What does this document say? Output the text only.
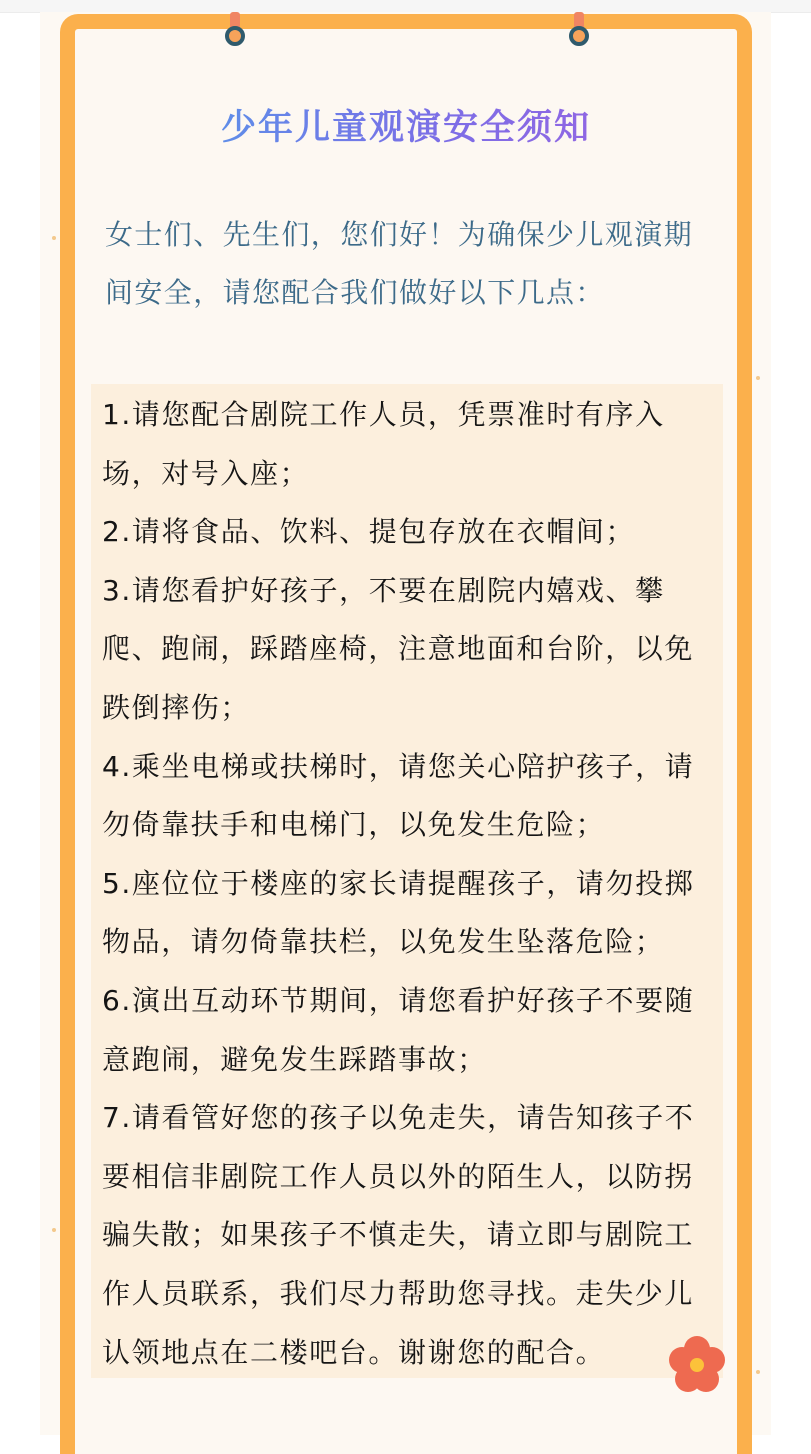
少年儿童观演安全须知

女士们、先生们，您们好！为确保少儿观演期间安全，请您配合我们做好以下几点：

1.请您配合剧院工作人员，凭票准时有序入场，对号入座；
2.请将食品、饮料、提包存放在衣帽间；
3.请您看护好孩子，不要在剧院内嬉戏、攀爬、跑闹，踩踏座椅，注意地面和台阶，以免跌倒摔伤；
4.乘坐电梯或扶梯时，请您关心陪护孩子，请勿倚靠扶手和电梯门，以免发生危险；
5.座位位于楼座的家长请提醒孩子，请勿投掷物品，请勿倚靠扶栏，以免发生坠落危险；
6.演出互动环节期间，请您看护好孩子不要随意跑闹，避免发生踩踏事故；
7.请看管好您的孩子以免走失，请告知孩子不要相信非剧院工作人员以外的陌生人，以防拐骗失散；如果孩子不慎走失，请立即与剧院工作人员联系，我们尽力帮助您寻找。走失少儿认领地点在二楼吧台。谢谢您的配合。
